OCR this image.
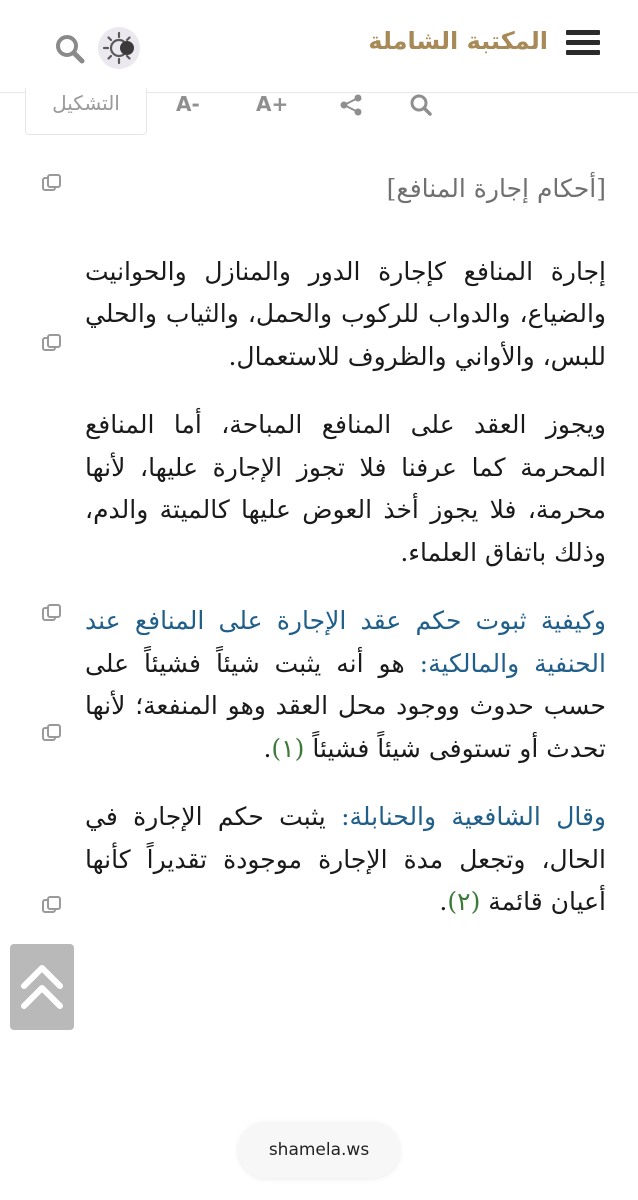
المكتبة الشاملة
A+
A-
التشكيل
[أحكام إجارة المنافع]
إجارة المنافع كإجارة الدور والمنازل والحوانيت والضياع، والدواب للركوب والحمل، والثياب والحلي للبس، والأواني والظروف للاستعمال.
ويجوز العقد على المنافع المباحة، أما المنافع المحرمة كما عرفنا فلا تجوز الإجارة عليها، لأنها محرمة، فلا يجوز أخذ العوض عليها كالميتة والدم، وذلك باتفاق العلماء.
وكيفية ثبوت حكم عقد الإجارة على المنافع عند الحنفية والمالكية: هو أنه يثبت شيئاً فشيئاً على حسب حدوث ووجود محل العقد وهو المنفعة؛ لأنها تحدث أو تستوفى شيئاً فشيئاً (١).
وقال الشافعية والحنابلة: يثبت حكم الإجارة في الحال، وتجعل مدة الإجارة موجودة تقديراً كأنها أعيان قائمة (٢).
shamela.ws
